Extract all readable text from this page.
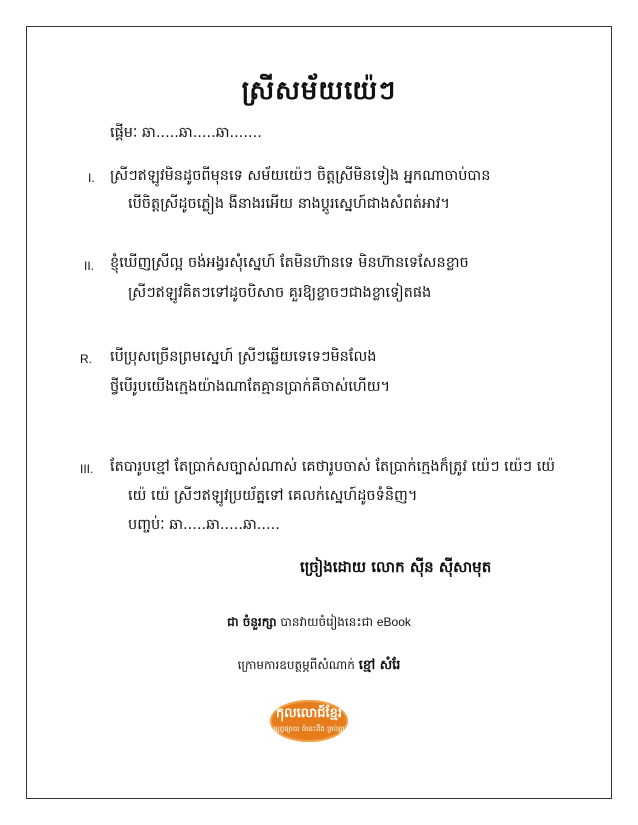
ស្រីសម័យយ៉េៗ
ផ្តើមៈ ឆា.....ឆា.....ឆា.......
I. ស្រីៗឥឡូវមិនដូចពីមុនទេ សម័យយ៉េៗ ចិត្តស្រីមិនទៀង អ្នកណាចាប់បាន
បើចិត្តស្រីដូចភ្លៀង ងីនាងរអើយ នាងប្តូរស្នេហ៍ជាងសំពត់អាវ។
II. ខ្ញុំឃើញស្រីល្អ ចង់អង្វរសុំស្នេហ៍ តែមិនហ៊ានទេ មិនហ៊ានទេសែនខ្លាច
ស្រីៗឥឡូវគិតៗទៅដូចបិសាច គួរឱ្យខ្លាចៗជាងខ្លាទៀតផង
R. បើប្រុសច្រើនព្រមស្នេហ៍ ស្រីៗឆ្លើយទេទេៗមិនលែង
ថ្វីបើរូបយើងក្មេងយ៉ាងណាតែគ្មានប្រាក់គឺចាស់ហើយ។
III. តែបារូបខ្មៅ តែប្រាក់សច្បាស់ណាស់ គេថារូបចាស់ តែប្រាក់ក្មេងក៏ត្រូវ យ៉េៗ យ៉េៗ យ៉េ
យ៉េ យ៉េ ស្រីៗឥឡូវប្រយ័ត្នទៅ គេលក់ស្នេហ៍ដូចទំនិញ។
បញ្ចប់ៈ ឆា.....ឆា.....ឆា.....
ច្រៀងដោយ លោក ស៊ីន ស៊ីសាមុត
ជា ចំនួរក្សា បានវាយចំរៀងនេះជា eBook
ក្រោមការឧបត្ថម្ភពីសំណាក់ ខ្មៅ សំរែ
កុលលោជ៍ខ្មែរ
ផ្សព្វផ្សាយ ចំនេះដឹង គ្រប់គ្នា
